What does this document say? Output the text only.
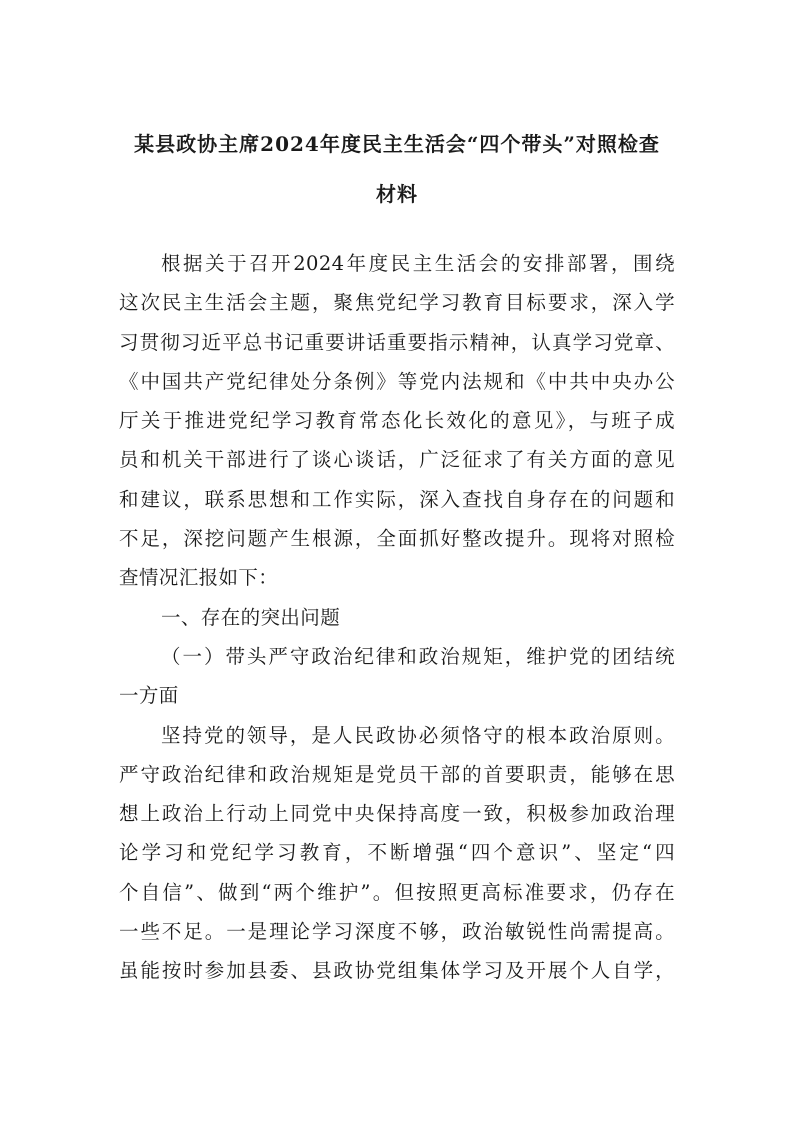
某县政协主席2024年度民主生活会“四个带头”对照检查
材料
根据关于召开2024年度民主生活会的安排部署，围绕
这次民主生活会主题，聚焦党纪学习教育目标要求，深入学
习贯彻习近平总书记重要讲话重要指示精神，认真学习党章、
《中国共产党纪律处分条例》等党内法规和《中共中央办公
厅关于推进党纪学习教育常态化长效化的意见》，与班子成
员和机关干部进行了谈心谈话，广泛征求了有关方面的意见
和建议，联系思想和工作实际，深入查找自身存在的问题和
不足，深挖问题产生根源，全面抓好整改提升。现将对照检
查情况汇报如下：
一、存在的突出问题
（一）带头严守政治纪律和政治规矩，维护党的团结统
一方面
坚持党的领导，是人民政协必须恪守的根本政治原则。
严守政治纪律和政治规矩是党员干部的首要职责，能够在思
想上政治上行动上同党中央保持高度一致，积极参加政治理
论学习和党纪学习教育，不断增强“四个意识”、坚定“四
个自信”、做到“两个维护”。但按照更高标准要求，仍存在
一些不足。一是理论学习深度不够，政治敏锐性尚需提高。
虽能按时参加县委、县政协党组集体学习及开展个人自学，
